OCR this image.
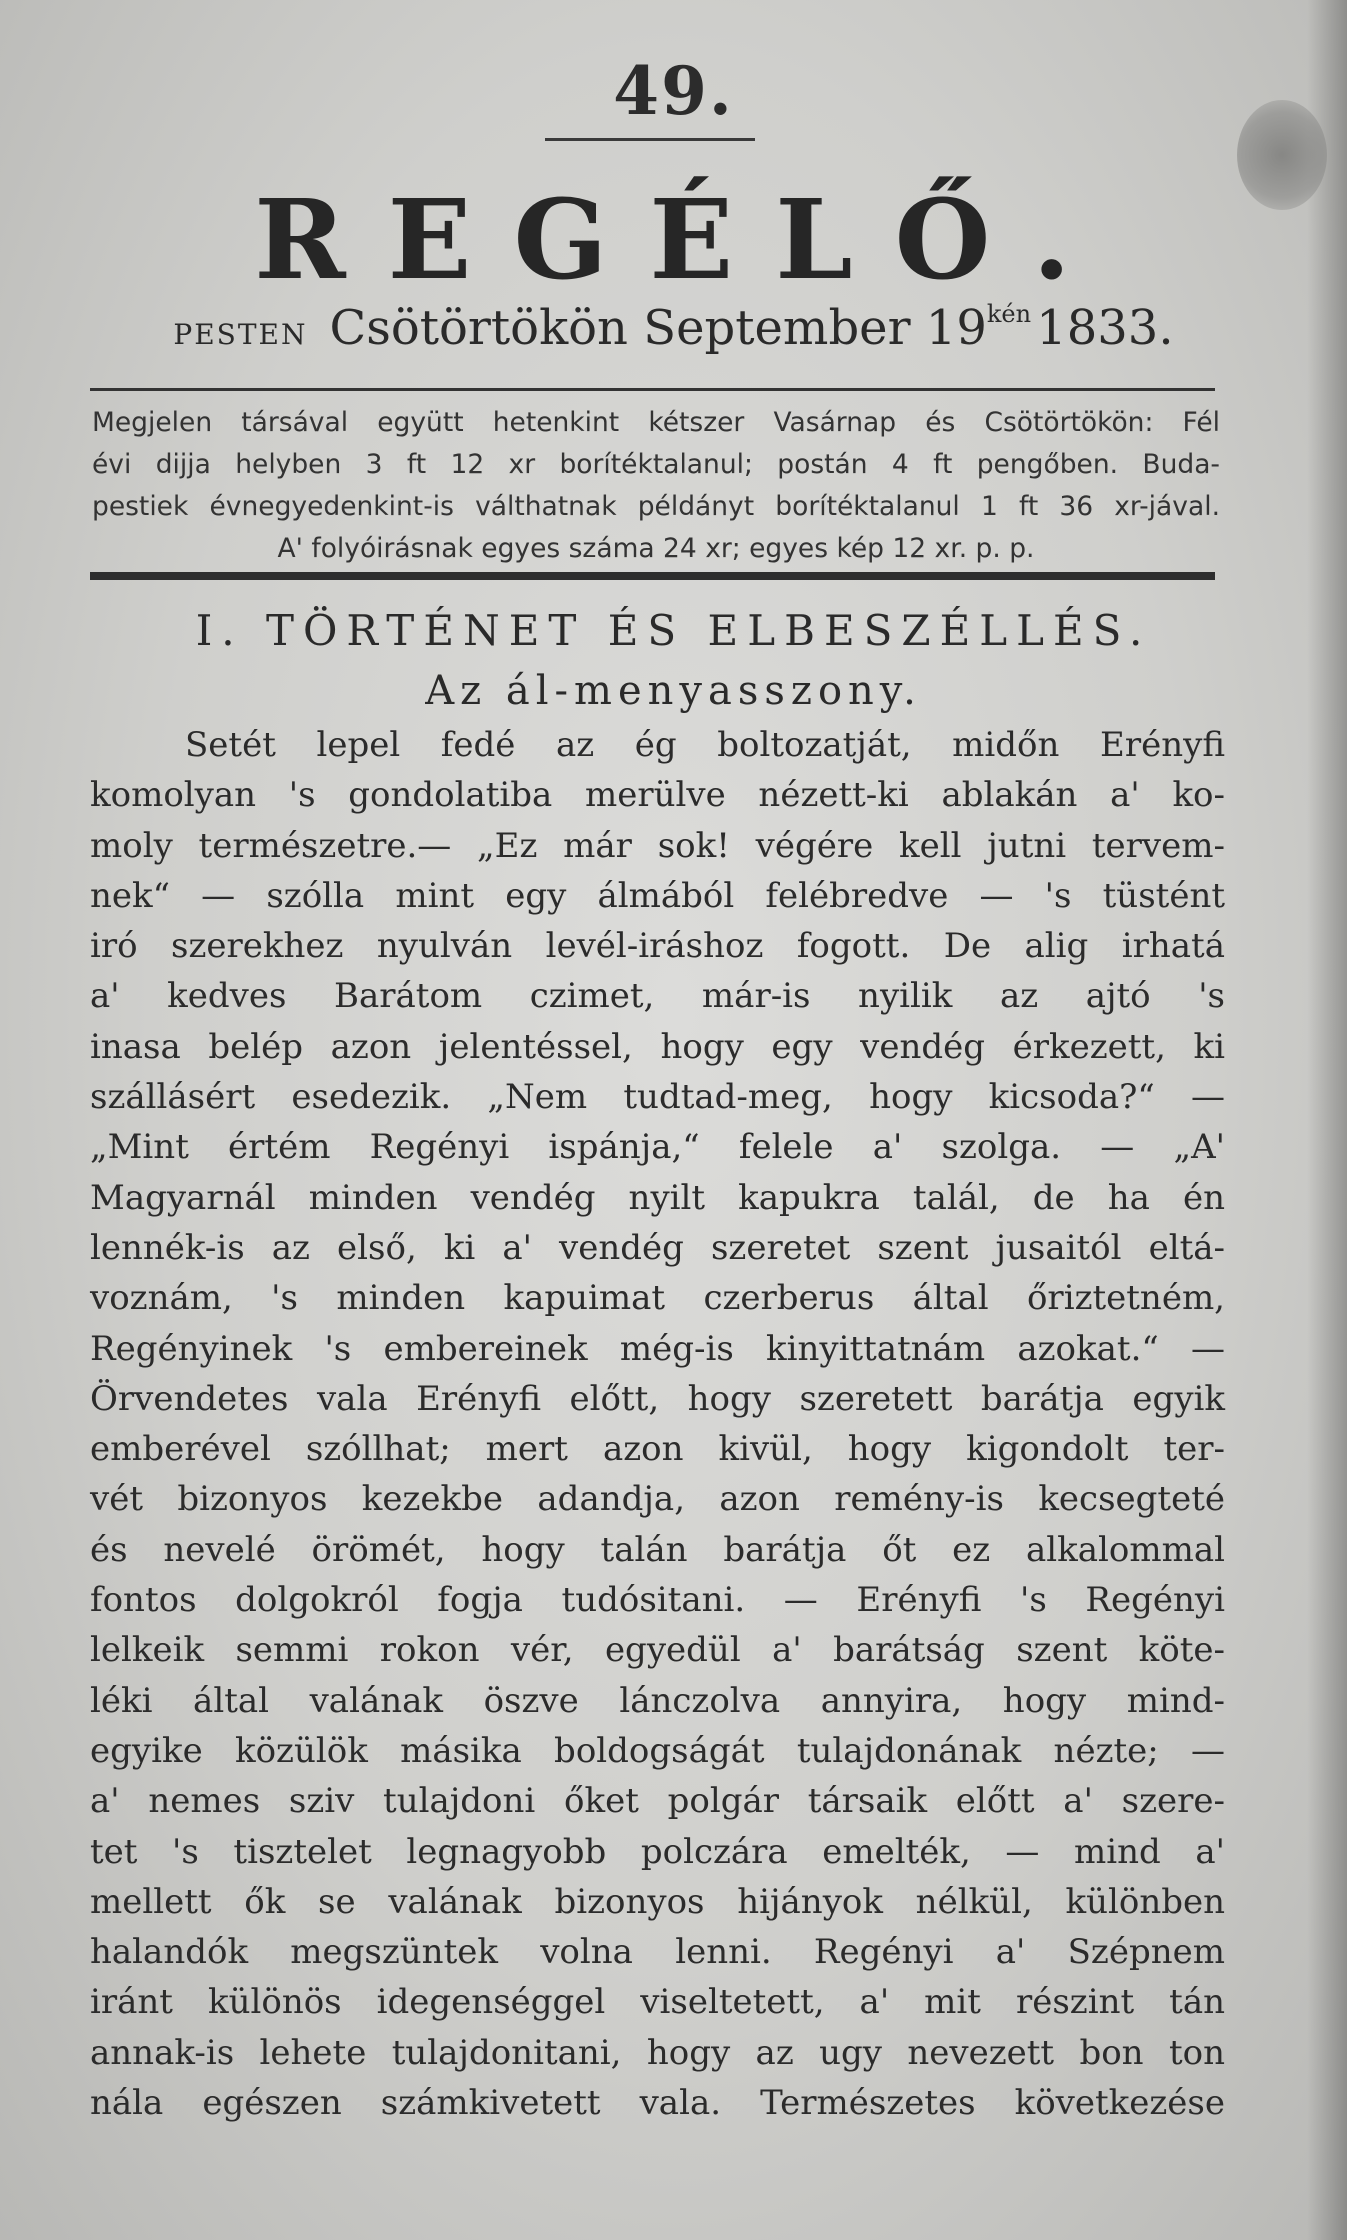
49.
REGÉLŐ.
PESTEN Csötörtökön September 19kén 1833.
Megjelen társával együtt hetenkint kétszer Vasárnap és Csötörtökön: Fél
évi dijja helyben 3 ft 12 xr borítéktalanul; postán 4 ft pengőben. Buda-
pestiek évnegyedenkint-is válthatnak példányt borítéktalanul 1 ft 36 xr-jával.
A' folyóirásnak egyes száma 24 xr; egyes kép 12 xr. p. p.
I. TÖRTÉNET ÉS ELBESZÉLLÉS.
Az ál-menyasszony.
Setét lepel fedé az ég boltozatját, midőn Erényfi
komolyan 's gondolatiba merülve nézett-ki ablakán a' ko-
moly természetre.— „Ez már sok! végére kell jutni tervem-
nek“ — szólla mint egy álmából felébredve — 's tüstént
iró szerekhez nyulván levél-iráshoz fogott. De alig irhatá
a' kedves Barátom czimet, már-is nyilik az ajtó 's
inasa belép azon jelentéssel, hogy egy vendég érkezett, ki
szállásért esedezik. „Nem tudtad-meg, hogy kicsoda?“ —
„Mint értém Regényi ispánja,“ felele a' szolga. — „A'
Magyarnál minden vendég nyilt kapukra talál, de ha én
lennék-is az első, ki a' vendég szeretet szent jusaitól eltá-
voznám, 's minden kapuimat czerberus által őriztetném,
Regényinek 's embereinek még-is kinyittatnám azokat.“ —
Örvendetes vala Erényfi előtt, hogy szeretett barátja egyik
emberével szóllhat; mert azon kivül, hogy kigondolt ter-
vét bizonyos kezekbe adandja, azon remény-is kecsegteté
és nevelé örömét, hogy talán barátja őt ez alkalommal
fontos dolgokról fogja tudósitani. — Erényfi 's Regényi
lelkeik semmi rokon vér, egyedül a' barátság szent köte-
léki által valának öszve lánczolva annyira, hogy mind-
egyike közülök másika boldogságát tulajdonának nézte; —
a' nemes sziv tulajdoni őket polgár társaik előtt a' szere-
tet 's tisztelet legnagyobb polczára emelték, — mind a'
mellett ők se valának bizonyos hijányok nélkül, különben
halandók megszüntek volna lenni. Regényi a' Szépnem
iránt különös idegenséggel viseltetett, a' mit részint tán
annak-is lehete tulajdonitani, hogy az ugy nevezett bon ton
nála egészen számkivetett vala. Természetes következése
